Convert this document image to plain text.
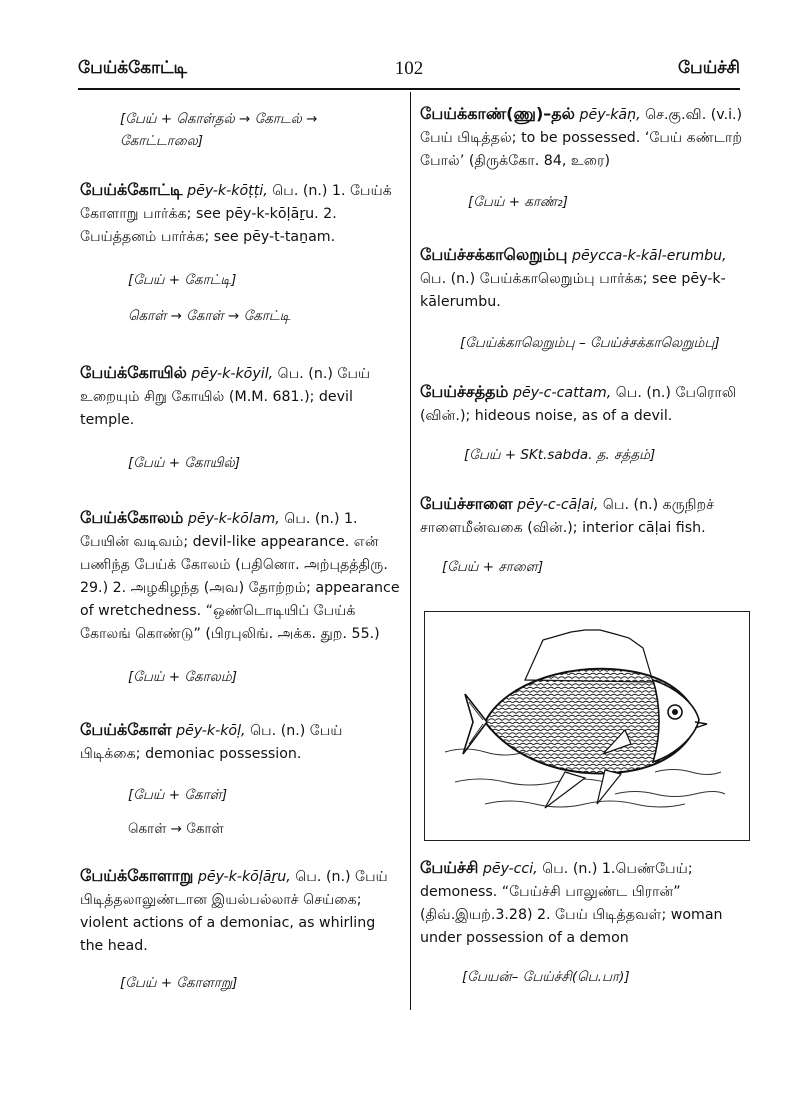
பேய்க்கோட்டி	102	பேய்ச்சி

[பேய் + கொள்தல் → கோடல் → கோட்டாலை]

பேய்க்கோட்டி pēy-k-kōṭṭi, பெ. (n.) 1. பேய்க் கோளாறு பார்க்க; see pēy-k-kōḷāṟu. 2. பேய்த்தனம் பார்க்க; see pēy-t-taṉam.

[பேய் + கோட்டி]

கொள் → கோள் → கோட்டி

பேய்க்கோயில் pēy-k-kōyil, பெ. (n.) பேய் உறையும் சிறு கோயில் (M.M. 681.); devil temple.

[பேய் + கோயில்]

பேய்க்கோலம் pēy-k-kōlam, பெ. (n.) 1. பேயின் வடிவம்; devil-like appearance. என் பணிந்த பேய்க் கோலம் (பதினொ. அற்புதத்திரு. 29.) 2. அழகிழந்த (அவ) தோற்றம்; appearance of wretchedness. “ஒண்டொடியிப் பேய்க் கோலங் கொண்டு” (பிரபுலிங். அக்க. துற. 55.)

[பேய் + கோலம்]

பேய்க்கோள் pēy-k-kōḷ, பெ. (n.) பேய் பிடிக்கை; demoniac possession.

[பேய் + கோள்]

கொள் → கோள்

பேய்க்கோளாறு pēy-k-kōḷāṟu, பெ. (n.) பேய் பிடித்தலாலுண்டான இயல்பல்லாச் செய்கை; violent actions of a demoniac, as whirling the head.

[பேய் + கோளாறு]

பேய்க்காண்(ணு)–தல் pēy-kāṇ, செ.கு.வி. (v.i.) பேய் பிடித்தல்; to be possessed. ‘பேய் கண்டாற் போல்’ (திருக்கோ. 84, உரை)

[பேய் + காண்₂]

பேய்ச்சக்காலெறும்பு pēycca-k-kāl-erumbu, பெ. (n.) பேய்க்காலெறும்பு பார்க்க; see pēy-k-kālerumbu.

[பேய்க்காலெறும்பு – பேய்ச்சக்காலெறும்பு]

பேய்ச்சத்தம் pēy-c-cattam, பெ. (n.) பேரொலி (வின்.); hideous noise, as of a devil.

[பேய் + SKt.sabda. த. சத்தம்]

பேய்ச்சாளை pēy-c-cāḷai, பெ. (n.) கருநிறச் சாளைமீன்வகை (வின்.); interior cāḷai fish.

[பேய் + சாளை]

பேய்ச்சி pēy-cci, பெ. (n.) 1.பெண்பேய்; demoness. “பேய்ச்சி பாலுண்ட பிரான்” (திவ்.இயற்.3.28) 2. பேய் பிடித்தவள்; woman under possession of a demon

[பேயன்– பேய்ச்சி(பெ.பா)]
